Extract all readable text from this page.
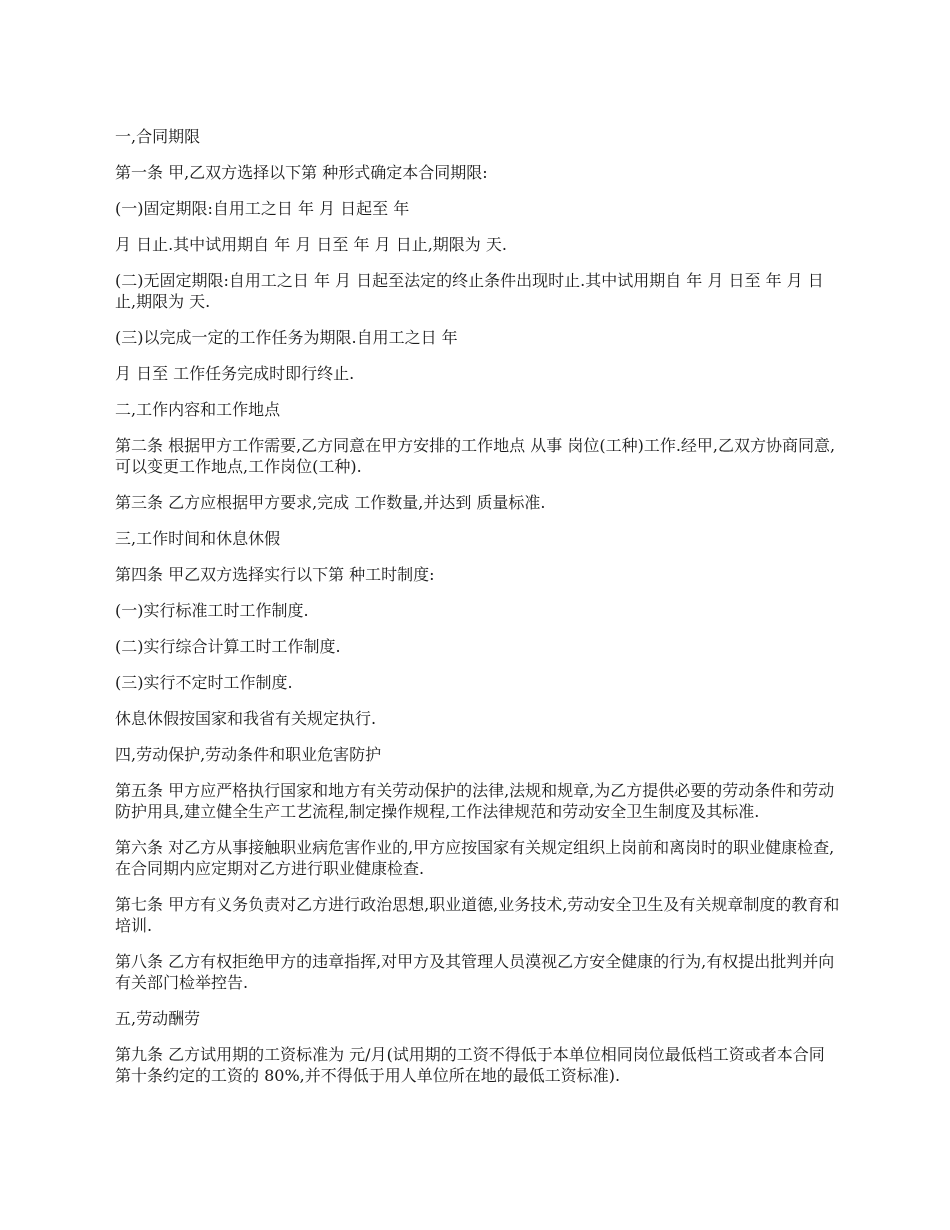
一,合同期限

第一条 甲,乙双方选择以下第 种形式确定本合同期限:

(一)固定期限:自用工之日 年 月 日起至 年

月 日止.其中试用期自 年 月 日至 年 月 日止,期限为 天.

(二)无固定期限:自用工之日 年 月 日起至法定的终止条件出现时止.其中试用期自 年 月 日至 年 月 日止,期限为 天.

(三)以完成一定的工作任务为期限.自用工之日 年

月 日至 工作任务完成时即行终止.

二,工作内容和工作地点

第二条 根据甲方工作需要,乙方同意在甲方安排的工作地点 从事 岗位(工种)工作.经甲,乙双方协商同意,可以变更工作地点,工作岗位(工种).

第三条 乙方应根据甲方要求,完成 工作数量,并达到 质量标准.

三,工作时间和休息休假

第四条 甲乙双方选择实行以下第 种工时制度:

(一)实行标准工时工作制度.

(二)实行综合计算工时工作制度.

(三)实行不定时工作制度.

休息休假按国家和我省有关规定执行.

四,劳动保护,劳动条件和职业危害防护

第五条 甲方应严格执行国家和地方有关劳动保护的法律,法规和规章,为乙方提供必要的劳动条件和劳动防护用具,建立健全生产工艺流程,制定操作规程,工作法律规范和劳动安全卫生制度及其标准.

第六条 对乙方从事接触职业病危害作业的,甲方应按国家有关规定组织上岗前和离岗时的职业健康检查,在合同期内应定期对乙方进行职业健康检查.

第七条 甲方有义务负责对乙方进行政治思想,职业道德,业务技术,劳动安全卫生及有关规章制度的教育和培训.

第八条 乙方有权拒绝甲方的违章指挥,对甲方及其管理人员漠视乙方安全健康的行为,有权提出批判并向有关部门检举控告.

五,劳动酬劳

第九条 乙方试用期的工资标准为 元/月(试用期的工资不得低于本单位相同岗位最低档工资或者本合同第十条约定的工资的 80%,并不得低于用人单位所在地的最低工资标准).
